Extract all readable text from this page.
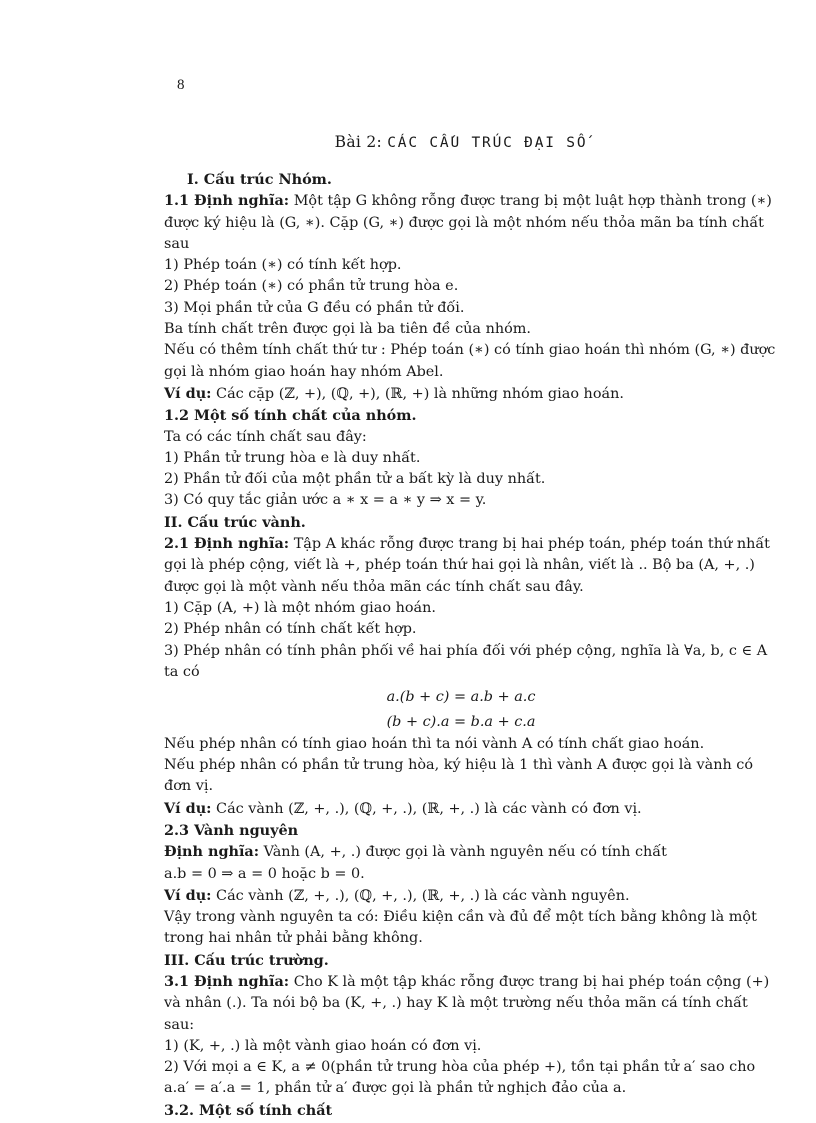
8
Bài 2: CÁC CẤU TRÚC ĐẠI SỐ

I. Cấu trúc Nhóm.

1.1 Định nghĩa: Một tập G không rỗng được trang bị một luật hợp thành trong (∗)

được ký hiệu là (G, ∗). Cặp (G, ∗) được gọi là một nhóm nếu thỏa mãn ba tính chất

sau

1) Phép toán (∗) có tính kết hợp.

2) Phép toán (∗) có phần tử trung hòa e.

3) Mọi phần tử của G đều có phần tử đối.

Ba tính chất trên được gọi là ba tiên đề của nhóm.

Nếu có thêm tính chất thứ tư : Phép toán (∗) có tính giao hoán thì nhóm (G, ∗) được

gọi là nhóm giao hoán hay nhóm Abel.

Ví dụ: Các cặp (ℤ, +), (ℚ, +), (ℝ, +) là những nhóm giao hoán.

1.2 Một số tính chất của nhóm.

Ta có các tính chất sau đây:

1) Phần tử trung hòa e là duy nhất.

2) Phần tử đối của một phần tử a bất kỳ là duy nhất.

3) Có quy tắc giản ước a ∗ x = a ∗ y ⇒ x = y.

II. Cấu trúc vành.

2.1 Định nghĩa: Tập A khác rỗng được trang bị hai phép toán, phép toán thứ nhất

gọi là phép cộng, viết là +, phép toán thứ hai gọi là nhân, viết là .. Bộ ba (A, +, .)

được gọi là một vành nếu thỏa mãn các tính chất sau đây.

1) Cặp (A, +) là một nhóm giao hoán.

2) Phép nhân có tính chất kết hợp.

3) Phép nhân có tính phân phối về hai phía đối với phép cộng, nghĩa là ∀a, b, c ∈ A

ta có

a.(b + c) = a.b + a.c

(b + c).a = b.a + c.a

Nếu phép nhân có tính giao hoán thì ta nói vành A có tính chất giao hoán.

Nếu phép nhân có phần tử trung hòa, ký hiệu là 1 thì vành A được gọi là vành có

đơn vị.

Ví dụ: Các vành (ℤ, +, .), (ℚ, +, .), (ℝ, +, .) là các vành có đơn vị.

2.3 Vành nguyên

Định nghĩa: Vành (A, +, .) được gọi là vành nguyên nếu có tính chất

a.b = 0 ⇒ a = 0 hoặc b = 0.

Ví dụ: Các vành (ℤ, +, .), (ℚ, +, .), (ℝ, +, .) là các vành nguyên.

Vậy trong vành nguyên ta có: Điều kiện cần và đủ để một tích bằng không là một

trong hai nhân tử phải bằng không.

III. Cấu trúc trường.

3.1 Định nghĩa: Cho K là một tập khác rỗng được trang bị hai phép toán cộng (+)

và nhân (.). Ta nói bộ ba (K, +, .) hay K là một trường nếu thỏa mãn cá tính chất

sau:

1) (K, +, .) là một vành giao hoán có đơn vị.

2) Với mọi a ∈ K, a ≠ 0(phần tử trung hòa của phép +), tồn tại phần tử a′ sao cho

a.a′ = a′.a = 1, phần tử a′ được gọi là phần tử nghịch đảo của a.

3.2. Một số tính chất
